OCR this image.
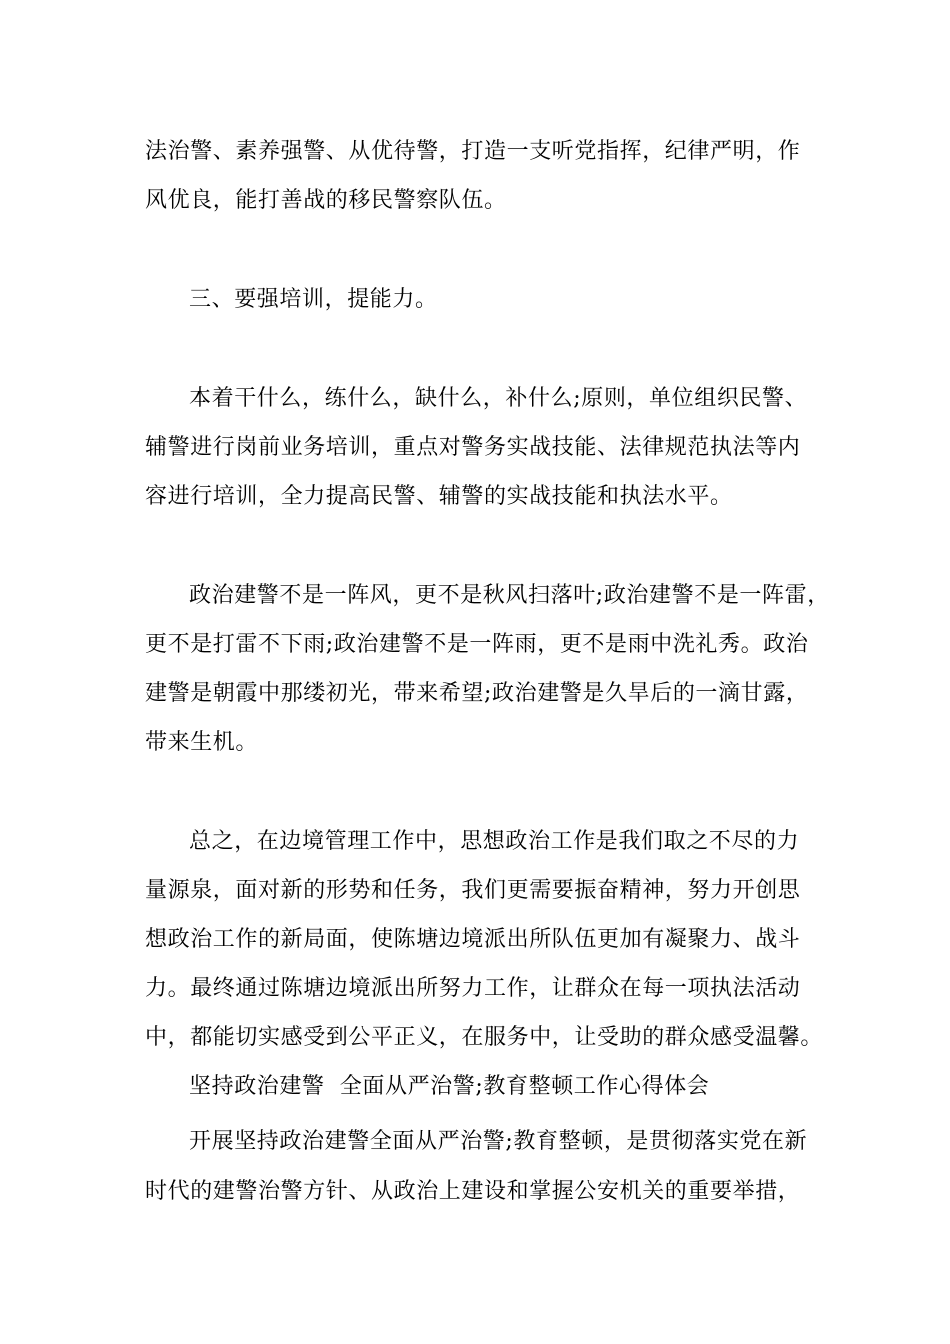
法治警、素养强警、从优待警，打造一支听党指挥，纪律严明，作
风优良，能打善战的移民警察队伍。
三、要强培训，提能力。
本着干什么，练什么，缺什么，补什么;原则，单位组织民警、
辅警进行岗前业务培训，重点对警务实战技能、法律规范执法等内
容进行培训，全力提高民警、辅警的实战技能和执法水平。
政治建警不是一阵风，更不是秋风扫落叶;政治建警不是一阵雷，
更不是打雷不下雨;政治建警不是一阵雨，更不是雨中洗礼秀。政治
建警是朝霞中那缕初光，带来希望;政治建警是久旱后的一滴甘露，
带来生机。
总之，在边境管理工作中，思想政治工作是我们取之不尽的力
量源泉，面对新的形势和任务，我们更需要振奋精神，努力开创思
想政治工作的新局面，使陈塘边境派出所队伍更加有凝聚力、战斗
力。最终通过陈塘边境派出所努力工作，让群众在每一项执法活动
中，都能切实感受到公平正义，在服务中，让受助的群众感受温馨。
坚持政治建警  全面从严治警;教育整顿工作心得体会
开展坚持政治建警全面从严治警;教育整顿，是贯彻落实党在新
时代的建警治警方针、从政治上建设和掌握公安机关的重要举措，
